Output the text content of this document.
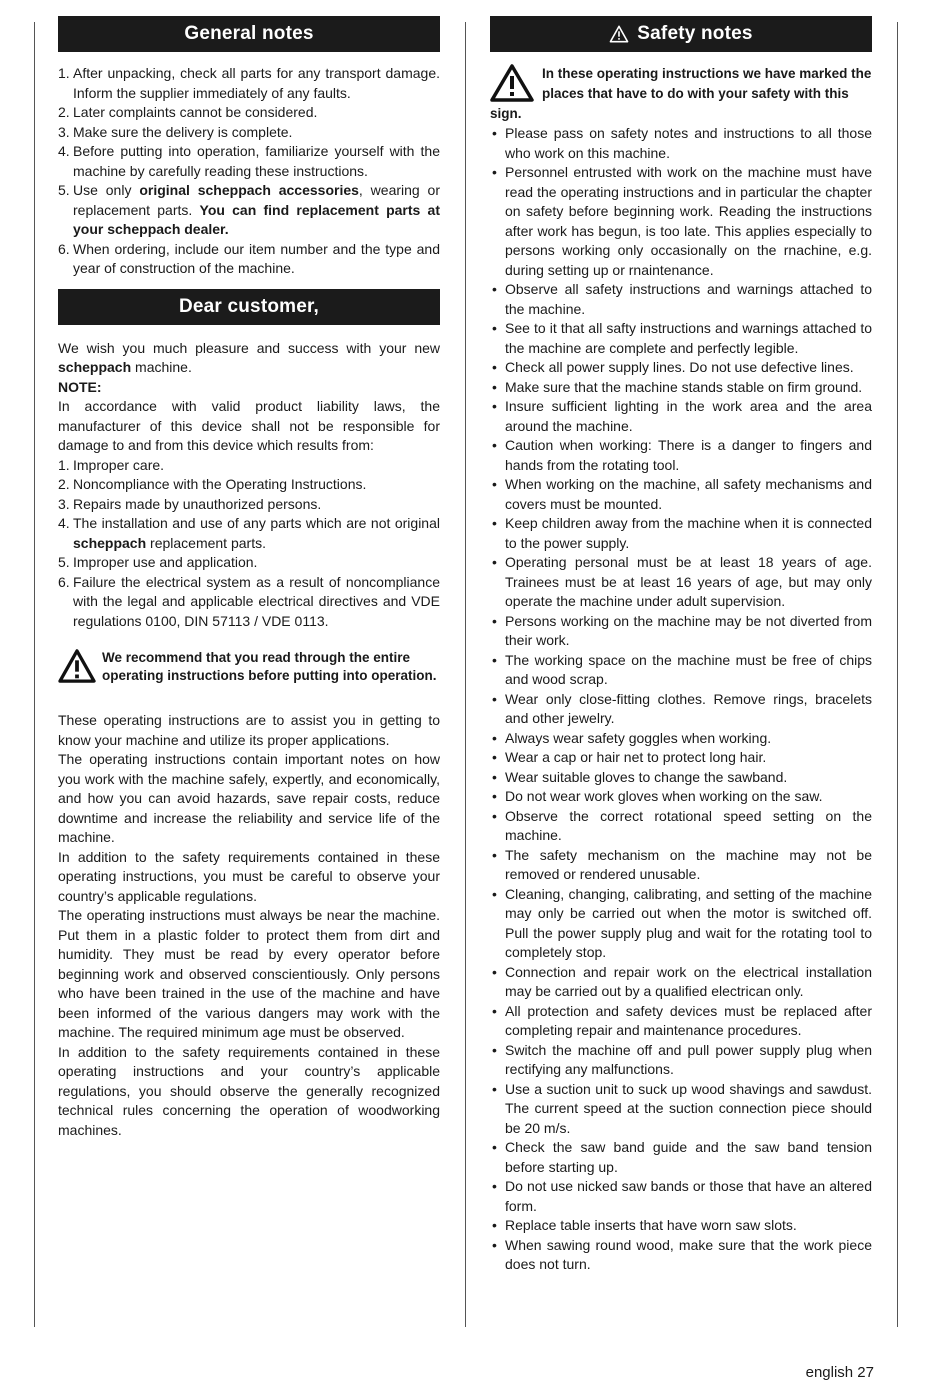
General notes
1. After unpacking, check all parts for any transport damage. Inform the supplier immediately of any faults.
2. Later complaints cannot be considered.
3. Make sure the delivery is complete.
4. Before putting into operation, familiarize yourself with the machine by carefully reading these instructions.
5. Use only original scheppach accessories, wearing or replacement parts. You can find replacement parts at your scheppach dealer.
6. When ordering, include our item number and the type and year of construction of the machine.
Dear customer,

We wish you much pleasure and success with your new scheppach machine.

NOTE:

In accordance with valid product liability laws, the manufacturer of this device shall not be responsible for damage to and from this device which results from:

1. Improper care.
2. Noncompliance with the Operating Instructions.
3. Repairs made by unauthorized persons.
4. The installation and use of any parts which are not original scheppach replacement parts.
5. Improper use and application.
6. Failure the electrical system as a result of noncompliance with the legal and applicable electrical directives and VDE regulations 0100, DIN 57113 / VDE 0113.
We recommend that you read through the entire operating instructions before putting into operation.

These operating instructions are to assist you in getting to know your machine and utilize its proper applications.

The operating instructions contain important notes on how you work with the machine safely, expertly, and economically, and how you can avoid hazards, save repair costs, reduce downtime and increase the reliability and service life of the machine.

In addition to the safety requirements contained in these operating instructions, you must be careful to observe your country’s applicable regulations.

The operating instructions must always be near the machine. Put them in a plastic folder to protect them from dirt and humidity. They must be read by every operator before beginning work and observed conscientiously. Only persons who have been trained in the use of the machine and have been informed of the various dangers may work with the machine. The required minimum age must be observed.

In addition to the safety requirements contained in these operating instructions and your country’s applicable regulations, you should observe the generally recognized technical rules concerning the operation of woodworking machines.

Safety notes
In these operating instructions we have marked the places that have to do with your safety with this sign.
• Please pass on safety notes and instructions to all those who work on this machine.
• Personnel entrusted with work on the machine must have read the operating instructions and in particular the chapter on safety before beginning work. Reading the instructions after work has begun, is too late. This applies especially to persons working only occasionally on the rnachine, e.g. during setting up or rnaintenance.
• Observe all safety instructions and warnings attached to the machine.
• See to it that all safty instructions and warnings attached to the machine are complete and perfectly legible.
• Check all power supply lines. Do not use defective lines.
• Make sure that the machine stands stable on firm ground.
• Insure sufficient lighting in the work area and the area around the machine.
• Caution when working: There is a danger to fingers and hands from the rotating tool.
• When working on the machine, all safety mechanisms and covers must be mounted.
• Keep children away from the machine when it is connected to the power supply.
• Operating personal must be at least 18 years of age. Trainees must be at least 16 years of age, but may only operate the machine under adult supervision.
• Persons working on the machine may be not diverted from their work.
• The working space on the machine must be free of chips and wood scrap.
• Wear only close-fitting clothes. Remove rings, bracelets and other jewelry.
• Always wear safety goggles when working.
• Wear a cap or hair net to protect long hair.
• Wear suitable gloves to change the sawband.
• Do not wear work gloves when working on the saw.
• Observe the correct rotational speed setting on the machine.
• The safety mechanism on the machine may not be removed or rendered unusable.
• Cleaning, changing, calibrating, and setting of the machine may only be carried out when the motor is switched off. Pull the power supply plug and wait for the rotating tool to completely stop.
• Connection and repair work on the electrical installation may be carried out by a qualified electrican only.
• All protection and safety devices must be replaced after completing repair and maintenance procedures.
• Switch the machine off and pull power supply plug when rectifying any malfunctions.
• Use a suction unit to suck up wood shavings and sawdust. The current speed at the suction connection piece should be 20 m/s.
• Check the saw band guide and the saw band tension before starting up.
• Do not use nicked saw bands or those that have an altered form.
• Replace table inserts that have worn saw slots.
• When sawing round wood, make sure that the work piece does not turn.
english 27
